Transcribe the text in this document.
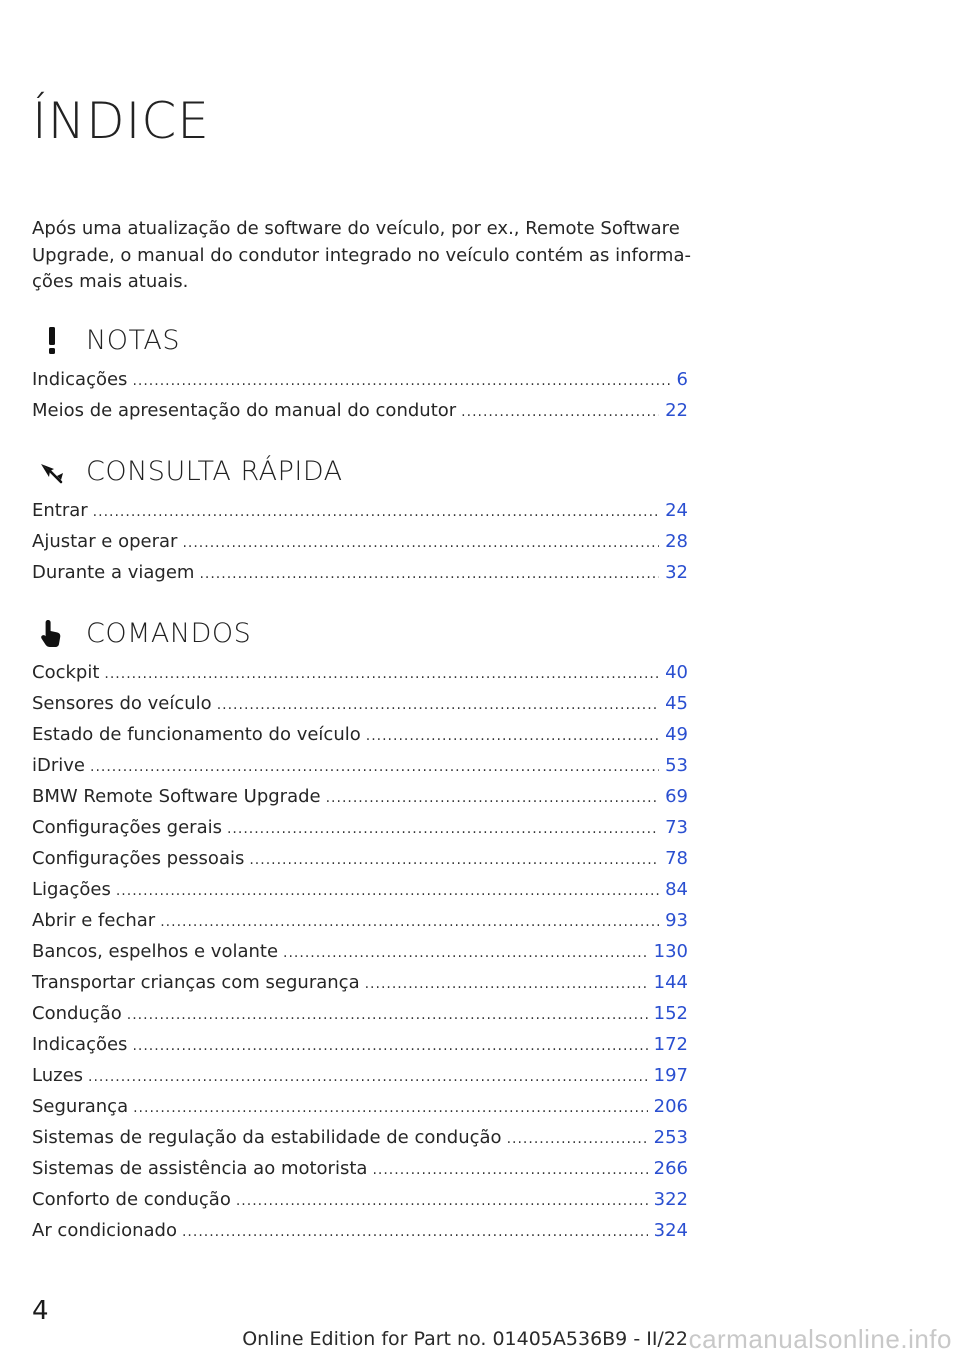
ÍNDICE

Após uma atualização de software do veículo, por ex., Remote Software Upgrade, o manual do condutor integrado no veículo contém as informa-ções mais atuais.

NOTAS
Indicações .....	6
Meios de apresentação do manual do condutor .....	22
CONSULTA RÁPIDA
Entrar .....	24
Ajustar e operar .....	28
Durante a viagem .....	32
COMANDOS
Cockpit .....	40
Sensores do veículo .....	45
Estado de funcionamento do veículo .....	49
iDrive .....	53
BMW Remote Software Upgrade .....	69
Configurações gerais .....	73
Configurações pessoais .....	78
Ligações .....	84
Abrir e fechar .....	93
Bancos, espelhos e volante .....	130
Transportar crianças com segurança .....	144
Condução .....	152
Indicações .....	172
Luzes .....	197
Segurança .....	206
Sistemas de regulação da estabilidade de condução .....	253
Sistemas de assistência ao motorista .....	266
Conforto de condução .....	322
Ar condicionado .....	324
4
Online Edition for Part no. 01405A536B9 - II/22 carmanualsonline.info
